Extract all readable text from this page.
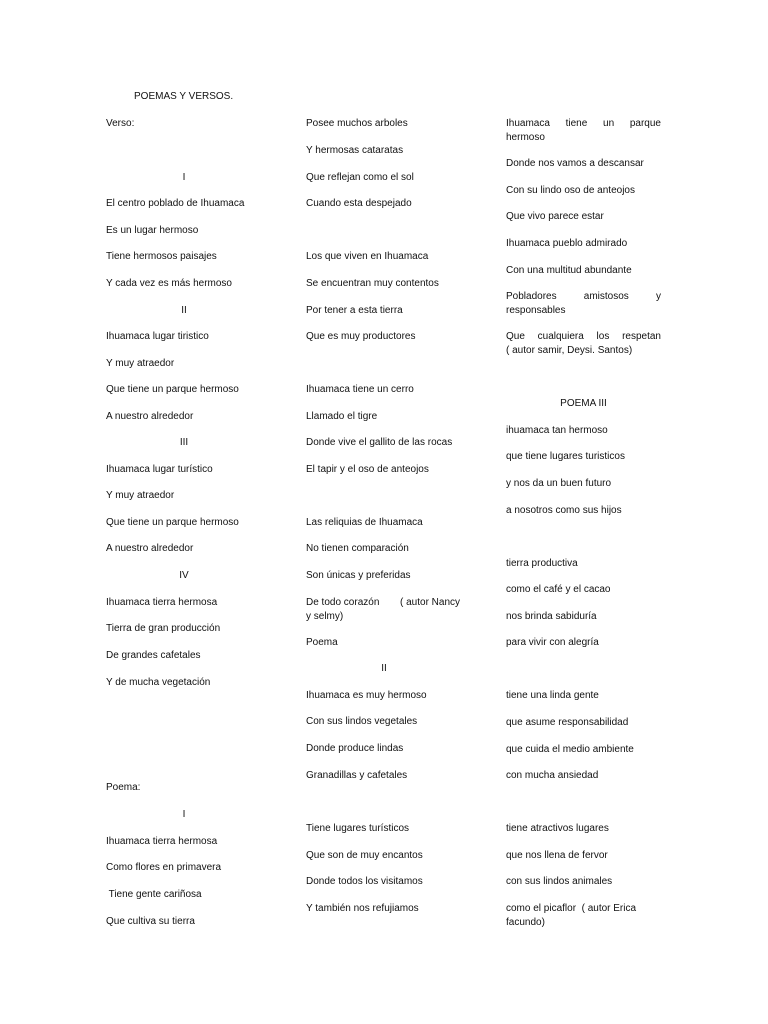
POEMAS Y VERSOS.
Verso:
I
El centro poblado de Ihuamaca
Es un lugar hermoso
Tiene hermosos paisajes
Y cada vez es más hermoso
II
Ihuamaca lugar tiristico
Y muy atraedor
Que tiene un parque hermoso
A nuestro alrededor
III
Ihuamaca lugar turístico
Y muy atraedor
Que tiene un parque hermoso
A nuestro alrededor
IV
Ihuamaca tierra hermosa
Tierra de gran producción
De grandes cafetales
Y de mucha vegetación
Poema:
I
Ihuamaca tierra hermosa
Como flores en primavera
Tiene gente cariñosa
Que cultiva su tierra
Posee muchos arboles
Y hermosas cataratas
Que reflejan como el sol
Cuando esta despejado
Los que viven en Ihuamaca
Se encuentran muy contentos
Por tener a esta tierra
Que es muy productores
Ihuamaca tiene un cerro
Llamado el tigre
Donde vive el gallito de las rocas
El tapir y el oso de anteojos
Las reliquias de Ihuamaca
No tienen comparación
Son únicas y preferidas
De todo corazón ( autor Nancy
y selmy)
Poema
II
Ihuamaca es muy hermoso
Con sus lindos vegetales
Donde produce lindas
Granadillas y cafetales
Tiene lugares turísticos
Que son de muy encantos
Donde todos los visitamos
Y también nos refujiamos
Ihuamaca tiene un parque
hermoso
Donde nos vamos a descansar
Con su lindo oso de anteojos
Que vivo parece estar
Ihuamaca pueblo admirado
Con una multitud abundante
Pobladores	amistosos	y
responsables
Que cualquiera los respetan
( autor samir, Deysi. Santos)
POEMA III
ihuamaca tan hermoso
que tiene lugares turisticos
y nos da un buen futuro
a nosotros como sus hijos
tierra productiva
como el café y el cacao
nos brinda sabiduría
para vivir con alegría
tiene una linda gente
que asume responsabilidad
que cuida el medio ambiente
con mucha ansiedad
tiene atractivos lugares
que nos llena de fervor
con sus lindos animales
como el picaflor  ( autor Erica
facundo)
